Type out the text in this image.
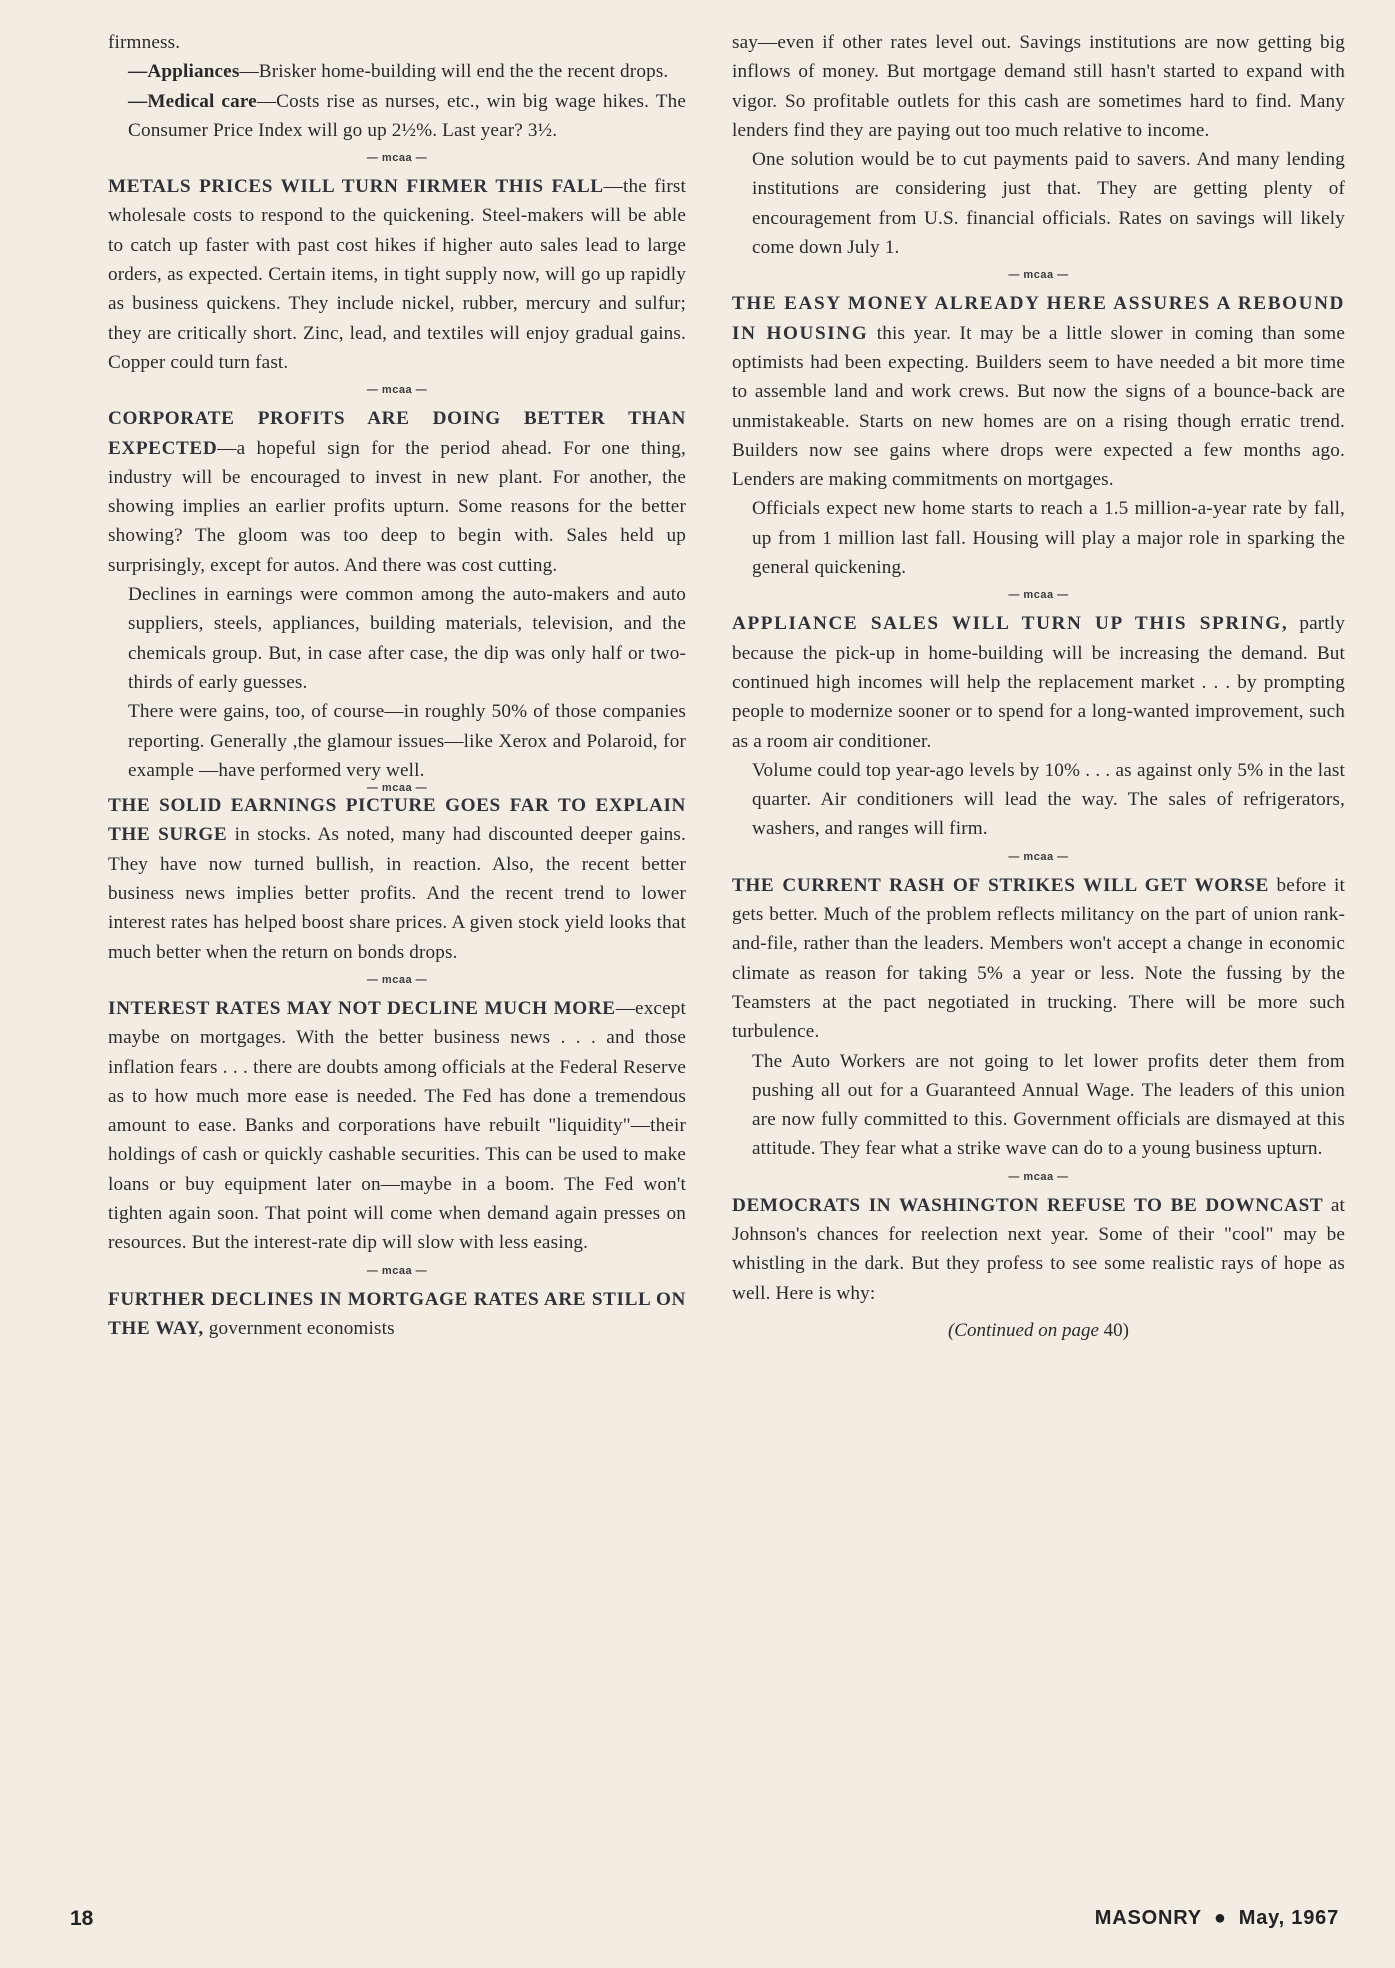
firmness.

—Appliances—Brisker home-building will end the the recent drops.

—Medical care—Costs rise as nurses, etc., win big wage hikes. The Consumer Price Index will go up 2½%. Last year? 3½.

— mcaa —

METALS PRICES WILL TURN FIRMER THIS FALL—the first wholesale costs to respond to the quickening. Steel-makers will be able to catch up faster with past cost hikes if higher auto sales lead to large orders, as expected. Certain items, in tight supply now, will go up rapidly as business quickens. They include nickel, rubber, mercury and sulfur; they are critically short. Zinc, lead, and textiles will enjoy gradual gains. Copper could turn fast.

— mcaa —

CORPORATE PROFITS ARE DOING BETTER THAN EXPECTED—a hopeful sign for the period ahead. For one thing, industry will be encouraged to invest in new plant. For another, the showing implies an earlier profits upturn. Some reasons for the better showing? The gloom was too deep to begin with. Sales held up surprisingly, except for autos. And there was cost cutting.

Declines in earnings were common among the auto-makers and auto suppliers, steels, appliances, building materials, television, and the chemicals group. But, in case after case, the dip was only half or two-thirds of early guesses.

There were gains, too, of course—in roughly 50% of those companies reporting. Generally ,the glamour issues—like Xerox and Polaroid, for example —have performed very well.

— mcaa —

THE SOLID EARNINGS PICTURE GOES FAR TO EXPLAIN THE SURGE in stocks. As noted, many had discounted deeper gains. They have now turned bullish, in reaction. Also, the recent better business news implies better profits. And the recent trend to lower interest rates has helped boost share prices. A given stock yield looks that much better when the return on bonds drops.

— mcaa —

INTEREST RATES MAY NOT DECLINE MUCH MORE—except maybe on mortgages. With the better business news . . . and those inflation fears . . . there are doubts among officials at the Federal Reserve as to how much more ease is needed. The Fed has done a tremendous amount to ease. Banks and corporations have rebuilt "liquidity"—their holdings of cash or quickly cashable securities. This can be used to make loans or buy equipment later on—maybe in a boom. The Fed won't tighten again soon. That point will come when demand again presses on resources. But the interest-rate dip will slow with less easing.

— mcaa —

FURTHER DECLINES IN MORTGAGE RATES ARE STILL ON THE WAY, government economists

say—even if other rates level out. Savings institutions are now getting big inflows of money. But mortgage demand still hasn't started to expand with vigor. So profitable outlets for this cash are sometimes hard to find. Many lenders find they are paying out too much relative to income.

One solution would be to cut payments paid to savers. And many lending institutions are considering just that. They are getting plenty of encouragement from U.S. financial officials. Rates on savings will likely come down July 1.

— mcaa —

THE EASY MONEY ALREADY HERE ASSURES A REBOUND IN HOUSING this year. It may be a little slower in coming than some optimists had been expecting. Builders seem to have needed a bit more time to assemble land and work crews. But now the signs of a bounce-back are unmistakeable. Starts on new homes are on a rising though erratic trend. Builders now see gains where drops were expected a few months ago. Lenders are making commitments on mortgages.

Officials expect new home starts to reach a 1.5 million-a-year rate by fall, up from 1 million last fall. Housing will play a major role in sparking the general quickening.

— mcaa —

APPLIANCE SALES WILL TURN UP THIS SPRING, partly because the pick-up in home-building will be increasing the demand. But continued high incomes will help the replacement market . . . by prompting people to modernize sooner or to spend for a long-wanted improvement, such as a room air conditioner.

Volume could top year-ago levels by 10% . . . as against only 5% in the last quarter. Air conditioners will lead the way. The sales of refrigerators, washers, and ranges will firm.

— mcaa —

THE CURRENT RASH OF STRIKES WILL GET WORSE before it gets better. Much of the problem reflects militancy on the part of union rank-and-file, rather than the leaders. Members won't accept a change in economic climate as reason for taking 5% a year or less. Note the fussing by the Teamsters at the pact negotiated in trucking. There will be more such turbulence.

The Auto Workers are not going to let lower profits deter them from pushing all out for a Guaranteed Annual Wage. The leaders of this union are now fully committed to this. Government officials are dismayed at this attitude. They fear what a strike wave can do to a young business upturn.

— mcaa —

DEMOCRATS IN WASHINGTON REFUSE TO BE DOWNCAST at Johnson's chances for reelection next year. Some of their "cool" may be whistling in the dark. But they profess to see some realistic rays of hope as well. Here is why:

(Continued on page 40)
18	MASONRY ● May, 1967
